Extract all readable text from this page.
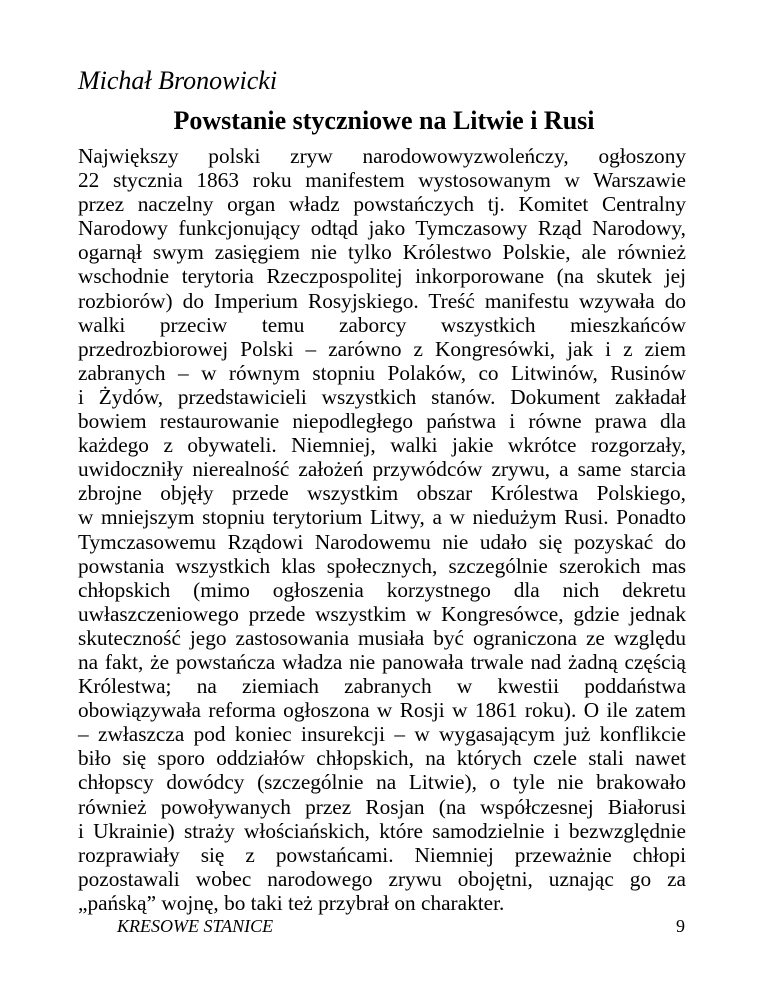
Michał Bronowicki

Powstanie styczniowe na Litwie i Rusi
Największy polski zryw narodowowyzwoleńczy, ogłoszony
22 stycznia 1863 roku manifestem wystosowanym w Warszawie
przez naczelny organ władz powstańczych tj. Komitet Centralny
Narodowy funkcjonujący odtąd jako Tymczasowy Rząd Narodowy,
ogarnął swym zasięgiem nie tylko Królestwo Polskie, ale również
wschodnie terytoria Rzeczpospolitej inkorporowane (na skutek jej
rozbiorów) do Imperium Rosyjskiego. Treść manifestu wzywała do
walki przeciw temu zaborcy wszystkich mieszkańców
przedrozbiorowej Polski – zarówno z Kongresówki, jak i z ziem
zabranych – w równym stopniu Polaków, co Litwinów, Rusinów
i Żydów, przedstawicieli wszystkich stanów. Dokument zakładał
bowiem restaurowanie niepodległego państwa i równe prawa dla
każdego z obywateli. Niemniej, walki jakie wkrótce rozgorzały,
uwidoczniły nierealność założeń przywódców zrywu, a same starcia
zbrojne objęły przede wszystkim obszar Królestwa Polskiego,
w mniejszym stopniu terytorium Litwy, a w niedużym Rusi. Ponadto
Tymczasowemu Rządowi Narodowemu nie udało się pozyskać do
powstania wszystkich klas społecznych, szczególnie szerokich mas
chłopskich (mimo ogłoszenia korzystnego dla nich dekretu
uwłaszczeniowego przede wszystkim w Kongresówce, gdzie jednak
skuteczność jego zastosowania musiała być ograniczona ze względu
na fakt, że powstańcza władza nie panowała trwale nad żadną częścią
Królestwa; na ziemiach zabranych w kwestii poddaństwa
obowiązywała reforma ogłoszona w Rosji w 1861 roku). O ile zatem
– zwłaszcza pod koniec insurekcji – w wygasającym już konflikcie
biło się sporo oddziałów chłopskich, na których czele stali nawet
chłopscy dowódcy (szczególnie na Litwie), o tyle nie brakowało
również powoływanych przez Rosjan (na współczesnej Białorusi
i Ukrainie) straży włościańskich, które samodzielnie i bezwzględnie
rozprawiały się z powstańcami. Niemniej przeważnie chłopi
pozostawali wobec narodowego zrywu obojętni, uznając go za
„pańską” wojnę, bo taki też przybrał on charakter.

KRESOWE STANICE	9
